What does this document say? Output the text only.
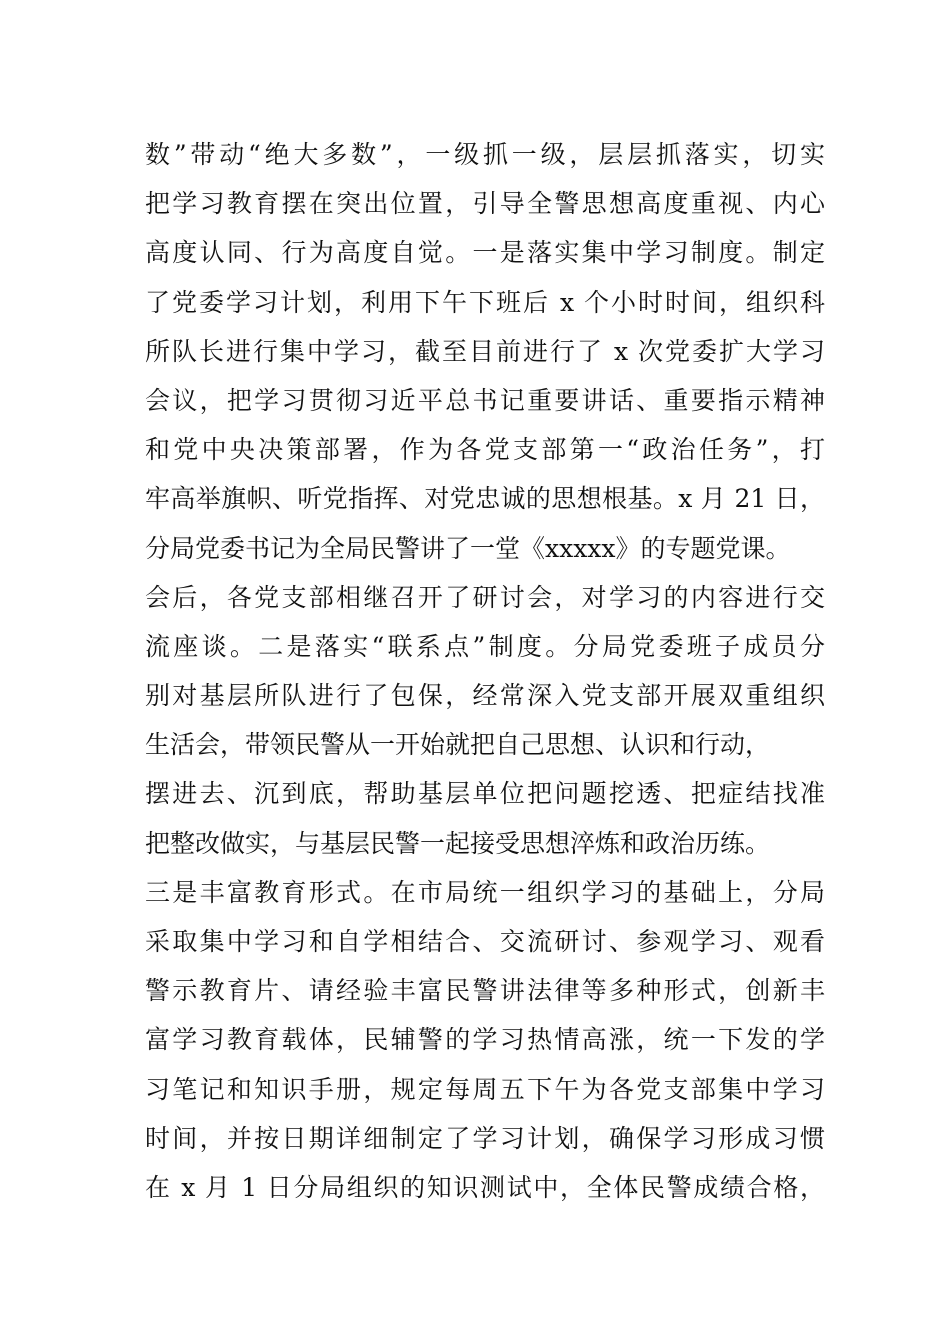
数”带动“绝大多数”，一级抓一级，层层抓落实，切实
把学习教育摆在突出位置，引导全警思想高度重视、内心
高度认同、行为高度自觉。一是落实集中学习制度。制定
了党委学习计划，利用下午下班后 x 个小时时间，组织科
所队长进行集中学习，截至目前进行了 x 次党委扩大学习
会议，把学习贯彻习近平总书记重要讲话、重要指示精神
和党中央决策部署，作为各党支部第一“政治任务”，打
牢高举旗帜、听党指挥、对党忠诚的思想根基。x 月 21 日，
分局党委书记为全局民警讲了一堂《xxxxx》的专题党课。
会后，各党支部相继召开了研讨会，对学习的内容进行交
流座谈。二是落实“联系点”制度。分局党委班子成员分
别对基层所队进行了包保，经常深入党支部开展双重组织
生活会，带领民警从一开始就把自己思想、认识和行动，
摆进去、沉到底，帮助基层单位把问题挖透、把症结找准
把整改做实，与基层民警一起接受思想淬炼和政治历练。
三是丰富教育形式。在市局统一组织学习的基础上，分局
采取集中学习和自学相结合、交流研讨、参观学习、观看
警示教育片、请经验丰富民警讲法律等多种形式，创新丰
富学习教育载体，民辅警的学习热情高涨，统一下发的学
习笔记和知识手册，规定每周五下午为各党支部集中学习
时间，并按日期详细制定了学习计划，确保学习形成习惯
在 x 月 1 日分局组织的知识测试中，全体民警成绩合格，
